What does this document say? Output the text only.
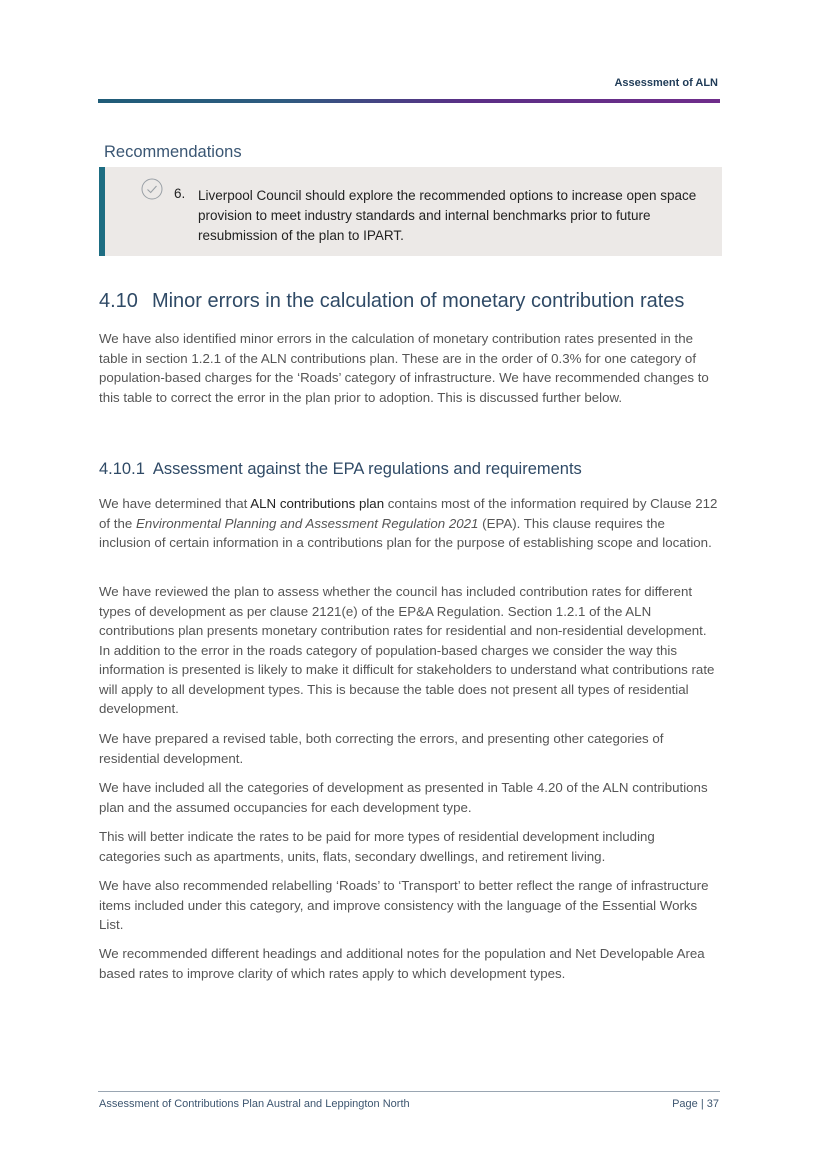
Assessment of ALN
Recommendations
6. Liverpool Council should explore the recommended options to increase open space provision to meet industry standards and internal benchmarks prior to future resubmission of the plan to IPART.
4.10 Minor errors in the calculation of monetary contribution rates

We have also identified minor errors in the calculation of monetary contribution rates presented in the table in section 1.2.1 of the ALN contributions plan. These are in the order of 0.3% for one category of population-based charges for the ‘Roads’ category of infrastructure. We have recommended changes to this table to correct the error in the plan prior to adoption. This is discussed further below.

4.10.1 Assessment against the EPA regulations and requirements

We have determined that ALN contributions plan contains most of the information required by Clause 212 of the Environmental Planning and Assessment Regulation 2021 (EPA). This clause requires the inclusion of certain information in a contributions plan for the purpose of establishing scope and location.

We have reviewed the plan to assess whether the council has included contribution rates for different types of development as per clause 2121(e) of the EP&A Regulation. Section 1.2.1 of the ALN contributions plan presents monetary contribution rates for residential and non-residential development. In addition to the error in the roads category of population-based charges we consider the way this information is presented is likely to make it difficult for stakeholders to understand what contributions rate will apply to all development types. This is because the table does not present all types of residential development.

We have prepared a revised table, both correcting the errors, and presenting other categories of residential development.

We have included all the categories of development as presented in Table 4.20 of the ALN contributions plan and the assumed occupancies for each development type.

This will better indicate the rates to be paid for more types of residential development including categories such as apartments, units, flats, secondary dwellings, and retirement living.

We have also recommended relabelling ‘Roads’ to ‘Transport’ to better reflect the range of infrastructure items included under this category, and improve consistency with the language of the Essential Works List.

We recommended different headings and additional notes for the population and Net Developable Area based rates to improve clarity of which rates apply to which development types.

Assessment of Contributions Plan Austral and Leppington North	Page | 37
